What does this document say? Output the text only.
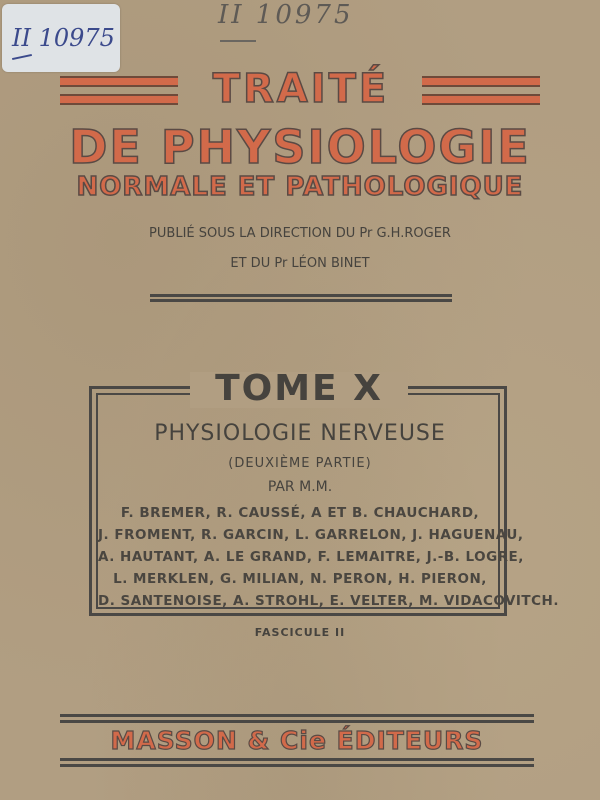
II 10975
II 10975
TRAITÉ
DE PHYSIOLOGIE
NORMALE ET PATHOLOGIQUE
PUBLIÉ SOUS LA DIRECTION DU Pr G.H.ROGER
ET DU Pr LÉON BINET
TOME X
PHYSIOLOGIE NERVEUSE
(DEUXIÈME PARTIE)
PAR M.M.
F. BREMER, R. CAUSSÉ, A ET B. CHAUCHARD,
J. FROMENT, R. GARCIN, L. GARRELON, J. HAGUENAU,
A. HAUTANT, A. LE GRAND, F. LEMAITRE, J.-B. LOGRE,
L. MERKLEN, G. MILIAN, N. PERON, H. PIERON,
D. SANTENOISE, A. STROHL, E. VELTER, M. VIDACOVITCH.
FASCICULE II
MASSON & Cie ÉDITEURS
